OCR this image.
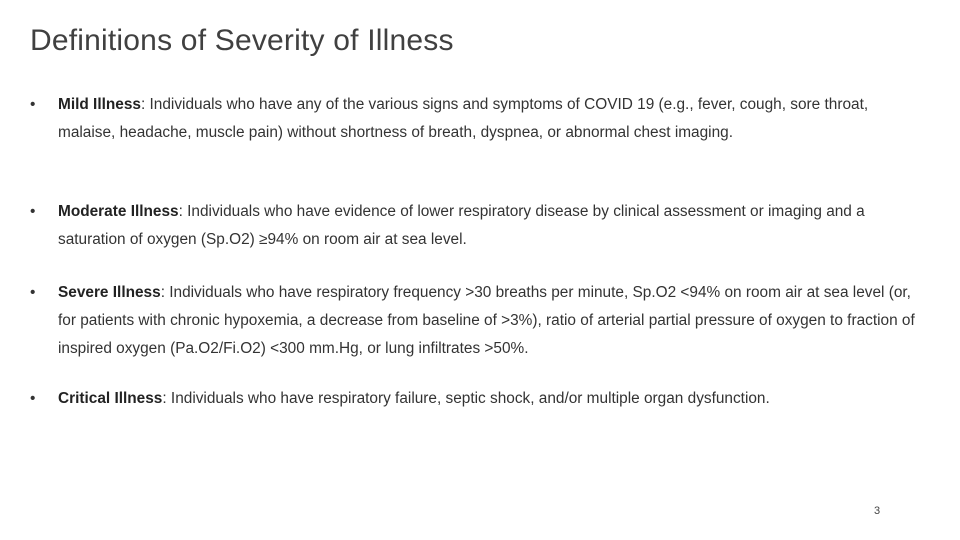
Definitions of Severity of Illness
•	Mild Illness: Individuals who have any of the various signs and symptoms of COVID 19 (e.g., fever, cough, sore throat, malaise, headache, muscle pain) without shortness of breath, dyspnea, or abnormal chest imaging.
•	Moderate Illness: Individuals who have evidence of lower respiratory disease by clinical assessment or imaging and a saturation of oxygen (Sp.O2) ≥94% on room air at sea level.
•	Severe Illness: Individuals who have respiratory frequency >30 breaths per minute, Sp.O2 <94% on room air at sea level (or, for patients with chronic hypoxemia, a decrease from baseline of >3%), ratio of arterial partial pressure of oxygen to fraction of inspired oxygen (Pa.O2/Fi.O2) <300 mm.Hg, or lung infiltrates >50%.
•	Critical Illness: Individuals who have respiratory failure, septic shock, and/or multiple organ dysfunction.
3
